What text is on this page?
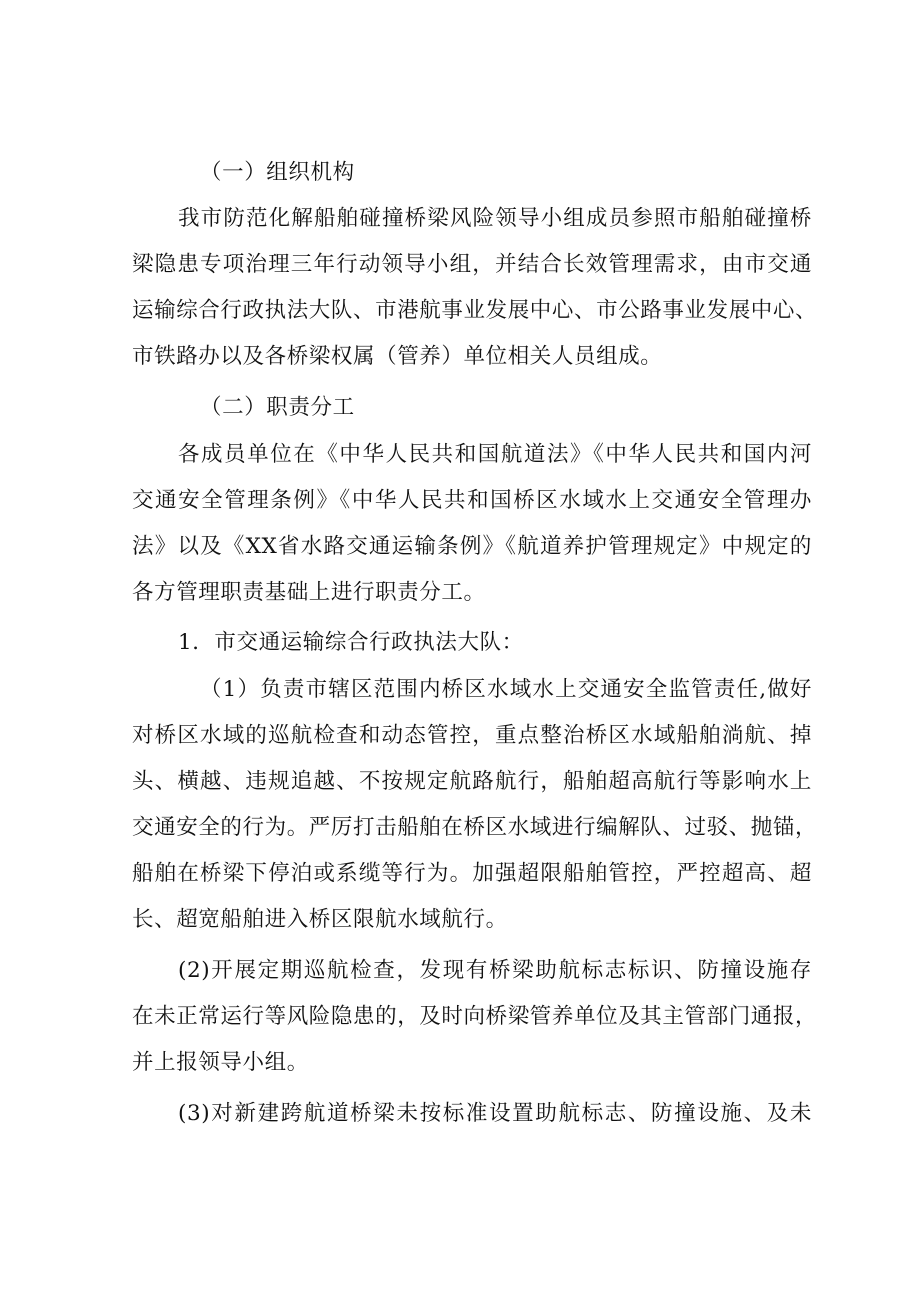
（一）组织机构
我市防范化解船舶碰撞桥梁风险领导小组成员参照市船舶碰撞桥
梁隐患专项治理三年行动领导小组，并结合长效管理需求，由市交通
运输综合行政执法大队、市港航事业发展中心、市公路事业发展中心、
市铁路办以及各桥梁权属（管养）单位相关人员组成。
（二）职责分工
各成员单位在《中华人民共和国航道法》《中华人民共和国内河
交通安全管理条例》《中华人民共和国桥区水域水上交通安全管理办
法》以及《XX省水路交通运输条例》《航道养护管理规定》中规定的
各方管理职责基础上进行职责分工。
1．市交通运输综合行政执法大队：
（1）负责市辖区范围内桥区水域水上交通安全监管责任,做好
对桥区水域的巡航检查和动态管控，重点整治桥区水域船舶淌航、掉
头、横越、违规追越、不按规定航路航行，船舶超高航行等影响水上
交通安全的行为。严厉打击船舶在桥区水域进行编解队、过驳、抛锚，
船舶在桥梁下停泊或系缆等行为。加强超限船舶管控，严控超高、超
长、超宽船舶进入桥区限航水域航行。
(2)开展定期巡航检查，发现有桥梁助航标志标识、防撞设施存
在未正常运行等风险隐患的，及时向桥梁管养单位及其主管部门通报，
并上报领导小组。
(3)对新建跨航道桥梁未按标准设置助航标志、防撞设施、及未
